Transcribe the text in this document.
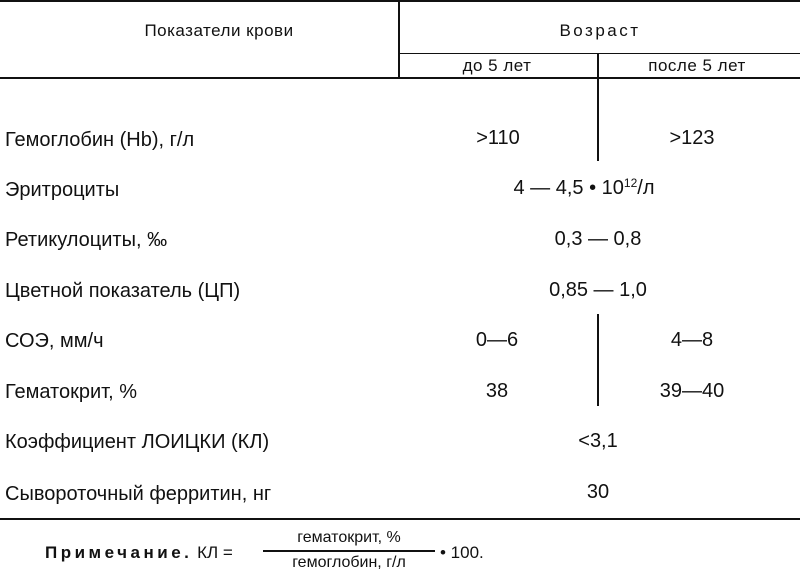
Показатели крови	Возраст
до 5 лет	после 5 лет
Гемоглобин (Hb), г/л	>110	>123
Эритроциты	4 — 4,5 • $10^{12}/л$
Ретикулоциты, ‰	0,3 — 0,8
Цветной показатель (ЦП)	0,85 — 1,0
СОЭ, мм/ч	0—6	4—8
Гематокрит, %	38	39—40
Коэффициент ЛОИЦКИ (КЛ)	<3,1
Сывороточный ферритин, нг	30
Примечание. КЛ =
гематокрит, %
гемоглобин, г/л
• 100.
